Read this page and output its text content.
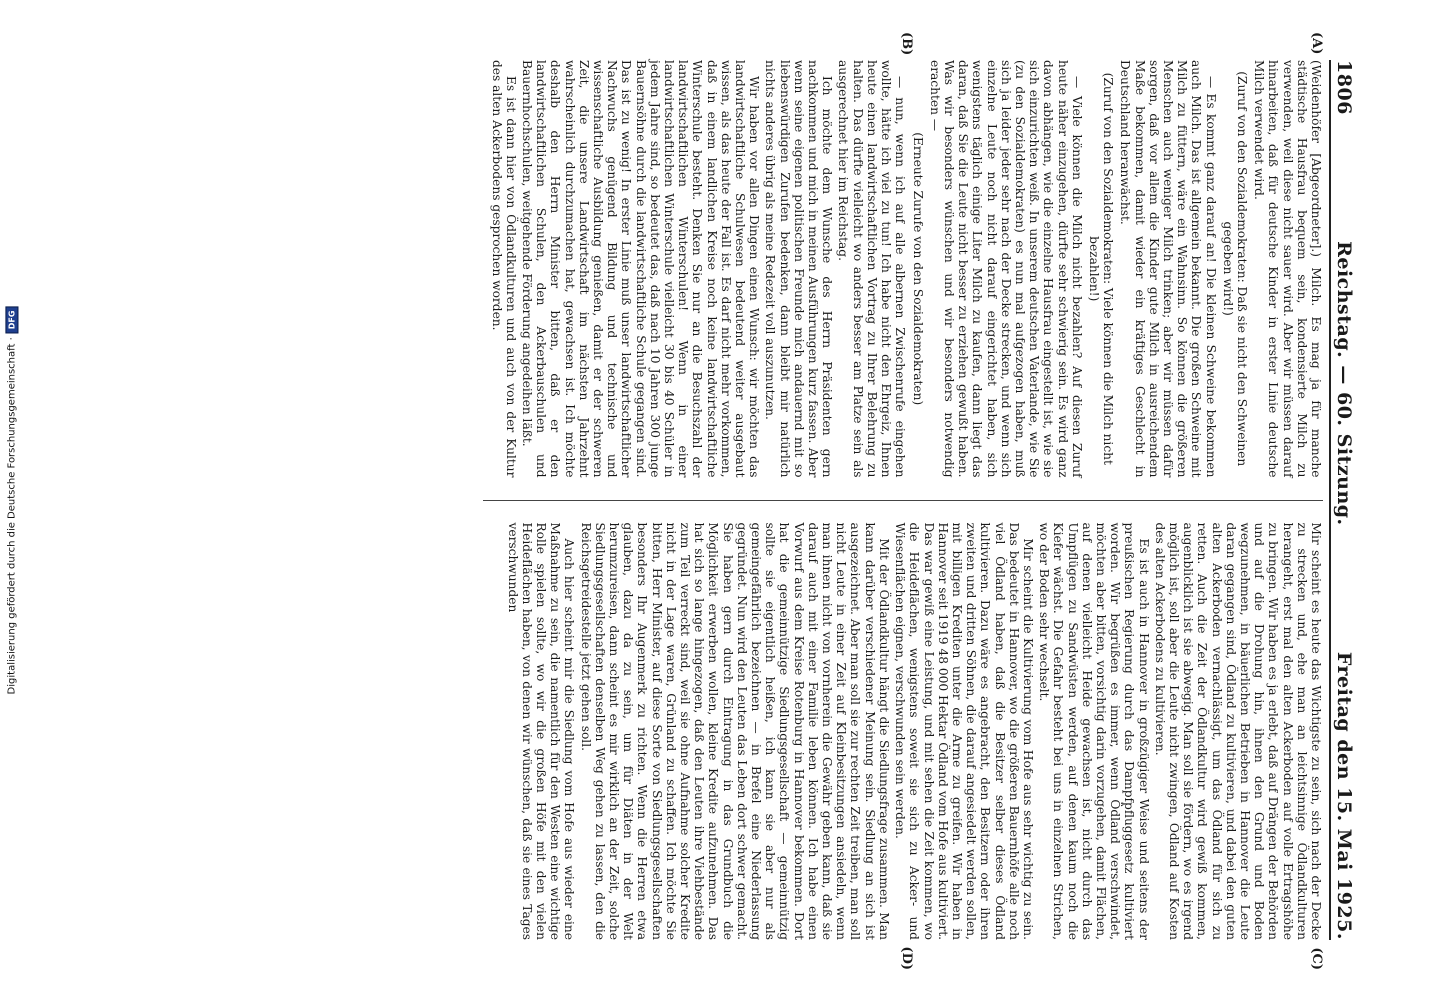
Digitalisierung gefördert durch die Deutsche Forschungsgemeinschaft ·
DFG
1806
Reichstag. — 60. Sitzung.
Freitag den 15. Mai 1925.
(A)
(B)

(Weidenhöfer [Abgeordneter].) Milch. Es mag ja für manche städtische Hausfrau bequem sein, kondensierte Milch zu verwenden, weil diese nicht sauer wird. Aber wir müssen darauf hinarbeiten, daß für deutsche Kinder in erster Linie deutsche Milch verwendet wird.

(Zuruf von den Sozialdemokraten: Daß sie nicht den Schweinen gegeben wird!)

— Es kommt ganz darauf an! Die kleinen Schweine bekommen auch Milch. Das ist allgemein bekannt. Die großen Schweine mit Milch zu füttern, wäre ein Wahnsinn. So können die größeren Menschen auch weniger Milch trinken; aber wir müssen dafür sorgen, daß vor allem die Kinder gute Milch in ausreichendem Maße bekommen, damit wieder ein kräftiges Geschlecht in Deutschland heranwächst.

(Zuruf von den Sozialdemokraten: Viele können die Milch nicht bezahlen!)

— Viele können die Milch nicht bezahlen? Auf diesen Zuruf heute näher einzugehen, dürfte sehr schwierig sein. Es wird ganz davon abhängen, wie die einzelne Hausfrau eingestellt ist, wie sie sich einzurichten weiß. In unserem deutschen Vaterlande, wie Sie (zu den Sozialdemokraten) es nun mal aufgezogen haben, muß sich ja leider jeder sehr nach der Decke strecken, und wenn sich einzelne Leute noch nicht darauf eingerichtet haben, sich wenigstens täglich einige Liter Milch zu kaufen, dann liegt das daran, daß Sie die Leute nicht besser zu erziehen gewußt haben. Was wir besonders wünschen und wir besonders notwendig erachten —

(Erneute Zurufe von den Sozialdemokraten)

— nun, wenn ich auf alle albernen Zwischenrufe eingehen wollte, hätte ich viel zu tun! Ich habe nicht den Ehrgeiz, Ihnen heute einen landwirtschaftlichen Vortrag zu Ihrer Belehrung zu halten. Das dürfte vielleicht wo anders besser am Platze sein als ausgerechnet hier im Reichstag.

Ich möchte dem Wunsche des Herrn Präsidenten gern nachkommen und mich in meinen Ausführungen kurz fassen. Aber wenn seine eigenen politischen Freunde mich andauernd mit so liebenswürdigen Zurufen bedenken, dann bleibt mir natürlich nichts anderes übrig als meine Redezeit voll auszunutzen.

Wir haben vor allen Dingen einen Wunsch: wir möchten das landwirtschaftliche Schulwesen bedeutend weiter ausgebaut wissen, als das heute der Fall ist. Es darf nicht mehr vorkommen, daß in einem landlichen Kreise noch keine landwirtschaftliche Winterschule besteht. Denken Sie nur an die Besuchszahl der landwirtschaftlichen Winterschulen! Wenn in einer landwirtschaftlichen Winterschule vielleicht 30 bis 40 Schüler in jedem Jahre sind, so bedeutet das, daß nach 10 Jahren 300 junge Bauernsöhne durch die landwirtschaftliche Schule gegangen sind. Das ist zu wenig! In erster Linie muß unser landwirtschaftlicher Nachwuchs genügend Bildung und technische und wissenschaftliche Ausbildung genießen, damit er der schweren Zeit, die unsere Landwirtschaft im nächsten Jahrzehnt wahrscheinlich durchzumachen hat, gewachsen ist. Ich möchte deshalb den Herrn Minister bitten, daß er den landwirtschaftlichen Schulen, den Ackerbauschulen und Bauernhochschulen, weitgehende Förderung angedeihen läßt.

Es ist dann hier von Ödlandkulturen und auch von der Kultur des alten Ackerbodens gesprochen worden.

(C)
(D)

Mir scheint es heute das Wichtigste zu sein, sich nach der Decke zu strecken und, ehe man an leichtsinnige Ödlandkulturen herangeht, erst mal den alten Ackerboden auf volle Ertragshöhe zu bringen. Wir haben es ja erlebt, daß auf Drängen der Behörden und auf die Drohung hin, ihnen den Grund und Boden wegzunehmen, in bäuerlichen Betrieben in Hannover die Leute daran gegangen sind, Ödland zu kultivieren, und dabei den guten alten Ackerboden vernachlässigt, um das Ödland für sich zu retten. Auch die Zeit der Ödlandkultur wird gewiß kommen, augenblicklich ist sie abwegig. Man soll sie fördern, wo es irgend möglich ist, soll aber die Leute nicht zwingen, Ödland auf Kosten des alten Ackerbodens zu kultivieren.

Es ist auch in Hannover in großzügiger Weise und seitens der preußischen Regierung durch das Dampfpfluggesetz kultiviert worden. Wir begrüßen es immer, wenn Ödland verschwindet, möchten aber bitten, vorsichtig darin vorzugehen, damit Flächen, auf denen vielleicht Heide gewachsen ist, nicht durch das Umpflügen zu Sandwüsten werden, auf denen kaum noch die Kiefer wächst. Die Gefahr besteht bei uns in einzelnen Strichen, wo der Boden sehr wechselt.

Mir scheint die Kultivierung vom Hofe aus sehr wichtig zu sein. Das bedeutet in Hannover, wo die größeren Bauernhöfe alle noch viel Ödland haben, daß die Besitzer selber dieses Ödland kultivieren. Dazu wäre es angebracht, den Besitzern oder ihren zweiten und dritten Söhnen, die darauf angesiedelt werden sollen, mit billigen Krediten unter die Arme zu greifen. Wir haben in Hannover seit 1919 48 000 Hektar Ödland vom Hofe aus kultiviert. Das war gewiß eine Leistung, und mit sehen die Zeit kommen, wo die Heideflächen, wenigstens soweit sie sich zu Acker- und Wiesenflächen eignen, verschwunden sein werden.

Mit der Ödlandkultur hängt die Siedlungsfrage zusammen. Man kann darüber verschiedener Meinung sein. Siedlung an sich ist ausgezeichnet. Aber man soll sie zur rechten Zeit treiben, man soll nicht Leute in einer Zeit auf Kleinbesitzungen ansiedeln, wenn man ihnen nicht von vornherein die Gewähr geben kann, daß sie darauf auch mit einer Familie leben können. Ich habe einen Vorwurf aus dem Kreise Rotenburg in Hannover bekommen. Dort hat die gemeinnützige Siedlungsgesellschaft — gemeinnützig sollte sie eigentlich heißen, ich kann sie aber nur als gemeingefährlich bezeichnen — in Brefel eine Niederlassung gegründet. Nun wird den Leuten das Leben dort schwer gemacht. Sie haben gern durch Eintragung in das Grundbuch die Möglichkeit erwerben wollen, kleine Kredite aufzunehmen. Das hat sich so lange hingezogen, daß den Leuten ihre Viehbestände zum Teil verreckt sind, weil sie ohne Aufnahme solcher Kredite nicht in der Lage waren, Grünland zu schaffen. Ich möchte Sie bitten, Herr Minister, auf diese Sorte von Siedlungsgesellschaften besonders Ihr Augenmerk zu richten. Wenn die Herren etwa glauben, dazu da zu sein, um für Diäten in der Welt herumzureisen, dann scheint es mir wirklich an der Zeit, solche Siedlungsgesellschaften denselben Weg gehen zu lassen, den die Reichsgetreidestelle jetzt gehen soll.

Auch hier scheint mir die Siedlung vom Hofe aus wieder eine Maßnahme zu sein, die namentlich für den Westen eine wichtige Rolle spielen sollte, wo wir die großen Höfe mit den vielen Heideflächen haben, von denen wir wünschen, daß sie eines Tages verschwunden
